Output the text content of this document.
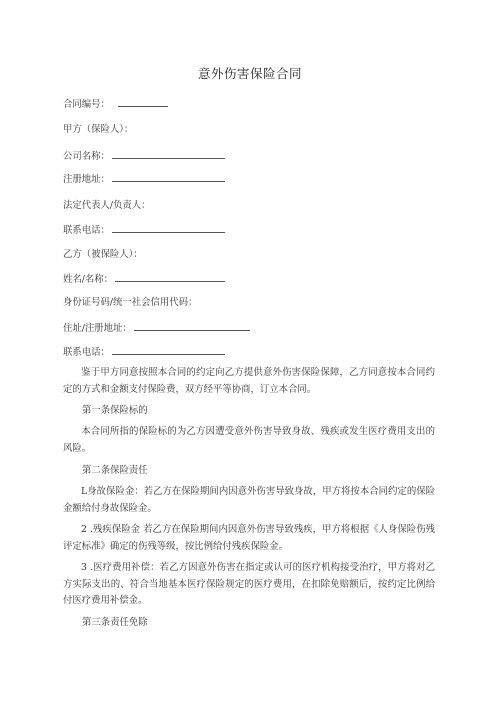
意外伤害保险合同
合同编号：
甲方（保险人）：
公司名称：
注册地址：
法定代表人/负责人：
联系电话：
乙方（被保险人）：
姓名/名称：
身份证号码/统一社会信用代码：
住址/注册地址：
联系电话：
鉴于甲方同意按照本合同的约定向乙方提供意外伤害保险保障，乙方同意按本合同约定的方式和金额支付保险费，双方经平等协商，订立本合同。
第一条保险标的
本合同所指的保险标的为乙方因遭受意外伤害导致身故、残疾或发生医疗费用支出的风险。
第二条保险责任
L身故保险金：若乙方在保险期间内因意外伤害导致身故，甲方将按本合同约定的保险金额给付身故保险金。
2 .残疾保险金 若乙方在保险期间内因意外伤害导致残疾，甲方将根据《人身保险伤残评定标准》确定的伤残等级，按比例给付残疾保险金。
3 .医疗费用补偿：若乙方因意外伤害在指定或认可的医疗机构接受治疗，甲方将对乙方实际支出的、符合当地基本医疗保险规定的医疗费用，在扣除免赔额后，按约定比例给付医疗费用补偿金。
第三条责任免除
